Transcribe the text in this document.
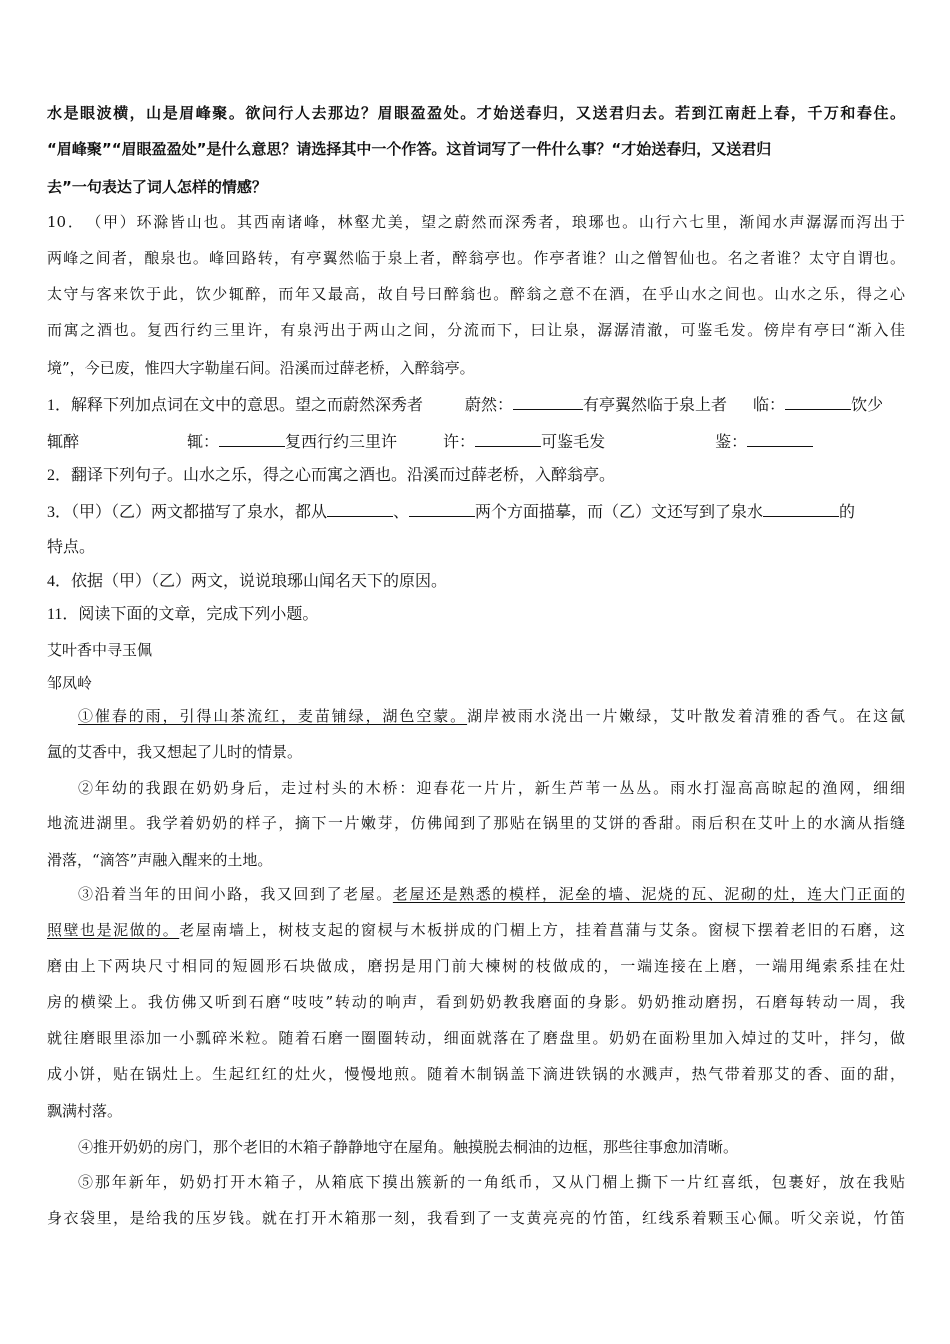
水是眼波横，山是眉峰聚。欲问行人去那边？眉眼盈盈处。才始送春归，又送君归去。若到江南赶上春，千万和春住。
“眉峰聚”“眉眼盈盈处”是什么意思？请选择其中一个作答。这首词写了一件什么事？“才始送春归，又送君归
去”一句表达了词人怎样的情感？
10．　（甲）环滁皆山也。其西南诸峰，林壑尤美，望之蔚然而深秀者，琅琊也。山行六七里，渐闻水声潺潺而泻出于
两峰之间者，酿泉也。峰回路转，有亭翼然临于泉上者，醉翁亭也。作亭者谁？山之僧智仙也。名之者谁？太守自谓也。
太守与客来饮于此，饮少辄醉，而年又最高，故自号曰醉翁也。醉翁之意不在酒，在乎山水之间也。山水之乐，得之心
而寓之酒也。复西行约三里许，有泉沔出于两山之间，分流而下，曰让泉，潺潺清澈，可鉴毛发。傍岸有亭曰“渐入佳
境”，今已废，惟四大字勒崖石间。沿溪而过薛老桥，入醉翁亭。
1．解释下列加点词在文中的意思。望之而蔚然深秀者	蔚然：	有亭翼然临于泉上者 临：	饮少
辄醉	辄：	复西行约三里许	许：	可鉴毛发	鉴：
2．翻译下列句子。山水之乐，得之心而寓之酒也。沿溪而过薛老桥，入醉翁亭。
3．（甲）（乙）两文都描写了泉水，都从	、	两个方面描摹，而（乙）文还写到了泉水	的
特点。
4．依据（甲）（乙）两文，说说琅琊山闻名天下的原因。
11．阅读下面的文章，完成下列小题。
艾叶香中寻玉佩
邹凤岭
①催春的雨，引得山茶流红，麦苗铺绿，湖色空蒙。湖岸被雨水浇出一片嫩绿，艾叶散发着清雅的香气。在这氤
氲的艾香中，我又想起了儿时的情景。
②年幼的我跟在奶奶身后，走过村头的木桥：迎春花一片片，新生芦苇一丛丛。雨水打湿高高晾起的渔网，细细
地流进湖里。我学着奶奶的样子，摘下一片嫩芽，仿佛闻到了那贴在锅里的艾饼的香甜。雨后积在艾叶上的水滴从指缝
滑落，“滴答”声融入醒来的土地。
③沿着当年的田间小路，我又回到了老屋。老屋还是熟悉的模样，泥垒的墙、泥烧的瓦、泥砌的灶，连大门正面的
照壁也是泥做的。老屋南墙上，树枝支起的窗棂与木板拼成的门楣上方，挂着菖蒲与艾条。窗棂下摆着老旧的石磨，这
磨由上下两块尺寸相同的短圆形石块做成，磨拐是用门前大楝树的枝做成的，一端连接在上磨，一端用绳索系挂在灶
房的横梁上。我仿佛又听到石磨“吱吱”转动的响声，看到奶奶教我磨面的身影。奶奶推动磨拐，石磨每转动一周，我
就往磨眼里添加一小瓢碎米粒。随着石磨一圈圈转动，细面就落在了磨盘里。奶奶在面粉里加入焯过的艾叶，拌匀，做
成小饼，贴在锅灶上。生起红红的灶火，慢慢地煎。随着木制锅盖下滴进铁锅的水溅声，热气带着那艾的香、面的甜，
飘满村落。
④推开奶奶的房门，那个老旧的木箱子静静地守在屋角。触摸脱去桐油的边框，那些往事愈加清晰。
⑤那年新年，奶奶打开木箱子，从箱底下摸出簇新的一角纸币，又从门楣上撕下一片红喜纸，包裹好，放在我贴
身衣袋里，是给我的压岁钱。就在打开木箱那一刻，我看到了一支黄亮亮的竹笛，红线系着颗玉心佩。听父亲说，竹笛
